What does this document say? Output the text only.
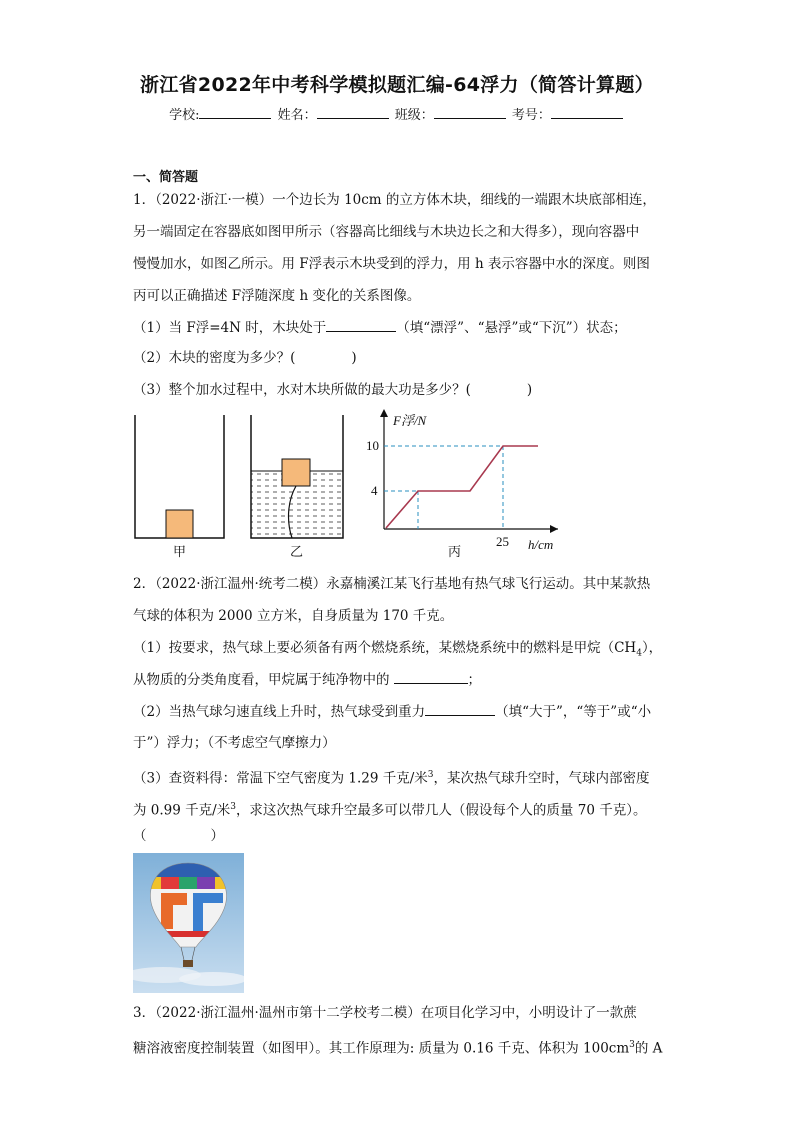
浙江省2022年中考科学模拟题汇编-64浮力（简答计算题）
学校:	姓名：	班级：	考号：
一、简答题
1．（2022·浙江·一模）一个边长为 10cm 的立方体木块，细线的一端跟木块底部相连，
另一端固定在容器底如图甲所示（容器高比细线与木块边长之和大得多），现向容器中
慢慢加水，如图乙所示。用 F浮表示木块受到的浮力，用 h 表示容器中水的深度。则图
丙可以正确描述 F浮随深度 h 变化的关系图像。
（1）当 F浮=4N 时，木块处于	（填“漂浮”、“悬浮”或“下沉”）状态；
（2）木块的密度为多少？(	)
（3）整个加水过程中，水对木块所做的最大功是多少？(	)
甲	乙
F浮/N
10
4
25 h/cm
丙
2．（2022·浙江温州·统考二模）永嘉楠溪江某飞行基地有热气球飞行运动。其中某款热
气球的体积为 2000 立方米，自身质量为 170 千克。
（1）按要求，热气球上要必须备有两个燃烧系统，某燃烧系统中的燃料是甲烷$(CH_4)$，
从物质的分类角度看，甲烷属于纯净物中的	；
（2）当热气球匀速直线上升时，热气球受到重力	（填“大于”，“等于”或“小
于”）浮力；（不考虑空气摩擦力）
（3）查资料得：常温下空气密度为 1.29 千克/米$^3$，某次热气球升空时，气球内部密度
为 0.99 千克/米$^3$，求这次热气球升空最多可以带几人（假设每个人的质量 70 千克）。
（	）
3．（2022·浙江温州·温州市第十二学校考二模）在项目化学习中，小明设计了一款蔗
糖溶液密度控制装置（如图甲）。其工作原理为: 质量为 0.16 千克、体积为 $100cm^3$的 A
